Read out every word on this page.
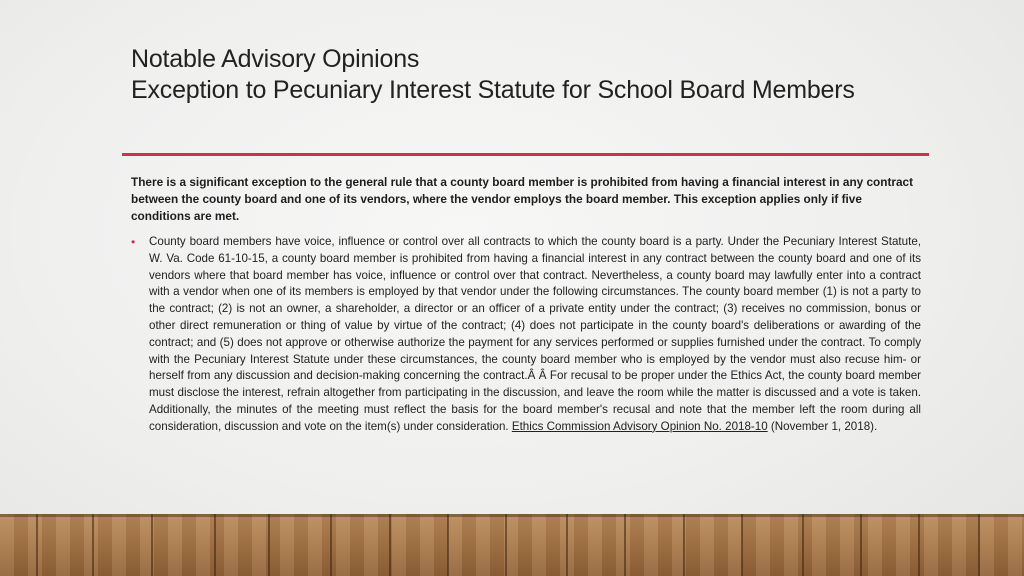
Notable Advisory Opinions
Exception to Pecuniary Interest Statute for School Board Members
There is a significant exception to the general rule that a county board member is prohibited from having a financial interest in any contract between the county board and one of its vendors, where the vendor employs the board member. This exception applies only if five conditions are met.
• County board members have voice, influence or control over all contracts to which the county board is a party. Under the Pecuniary Interest Statute, W. Va. Code 61-10-15, a county board member is prohibited from having a financial interest in any contract between the county board and one of its vendors where that board member has voice, influence or control over that contract. Nevertheless, a county board may lawfully enter into a contract with a vendor when one of its members is employed by that vendor under the following circumstances. The county board member (1) is not a party to the contract; (2) is not an owner, a shareholder, a director or an officer of a private entity under the contract; (3) receives no commission, bonus or other direct remuneration or thing of value by virtue of the contract; (4) does not participate in the county board's deliberations or awarding of the contract; and (5) does not approve or otherwise authorize the payment for any services performed or supplies furnished under the contract. To comply with the Pecuniary Interest Statute under these circumstances, the county board member who is employed by the vendor must also recuse him- or herself from any discussion and decision-making concerning the contract.Â Â For recusal to be proper under the Ethics Act, the county board member must disclose the interest, refrain altogether from participating in the discussion, and leave the room while the matter is discussed and a vote is taken. Additionally, the minutes of the meeting must reflect the basis for the board member's recusal and note that the member left the room during all consideration, discussion and vote on the item(s) under consideration. Ethics Commission Advisory Opinion No. 2018-10 (November 1, 2018).
